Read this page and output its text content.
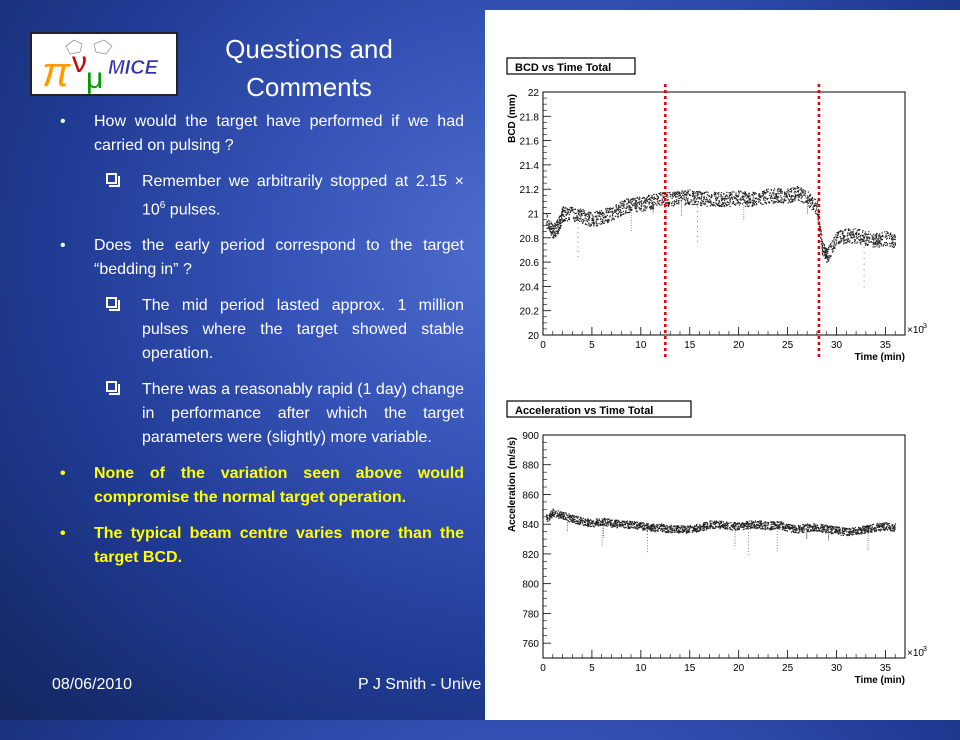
π ν μ MICE
Questions and Comments
• How would the target have performed if we had carried on pulsing ?
Remember we arbitrarily stopped at $2.15 \times 10^6$ pulses.
• Does the early period correspond to the target “bedding in” ?
The mid period lasted approx. 1 million pulses where the target showed stable operation.
There was a reasonably rapid (1 day) change in performance after which the target parameters were (slightly) more variable.
• None of the variation seen above would compromise the normal target operation.
• The typical beam centre varies more than the target BCD.
08/06/2010	P J Smith - Unive
BCD vs Time Total
20
20.2
20.4
20.6
20.8
21
21.2
21.4
21.6
21.8
22
0	5	10	15	20	25	30	35
×10 3
Time (min)
BCD (mm)
Acceleration vs Time Total
760
780
800
820
840
860
880
900
0	5	10	15	20	25	30	35
×10 3
Time (min)
Acceleration (m/s/s)
